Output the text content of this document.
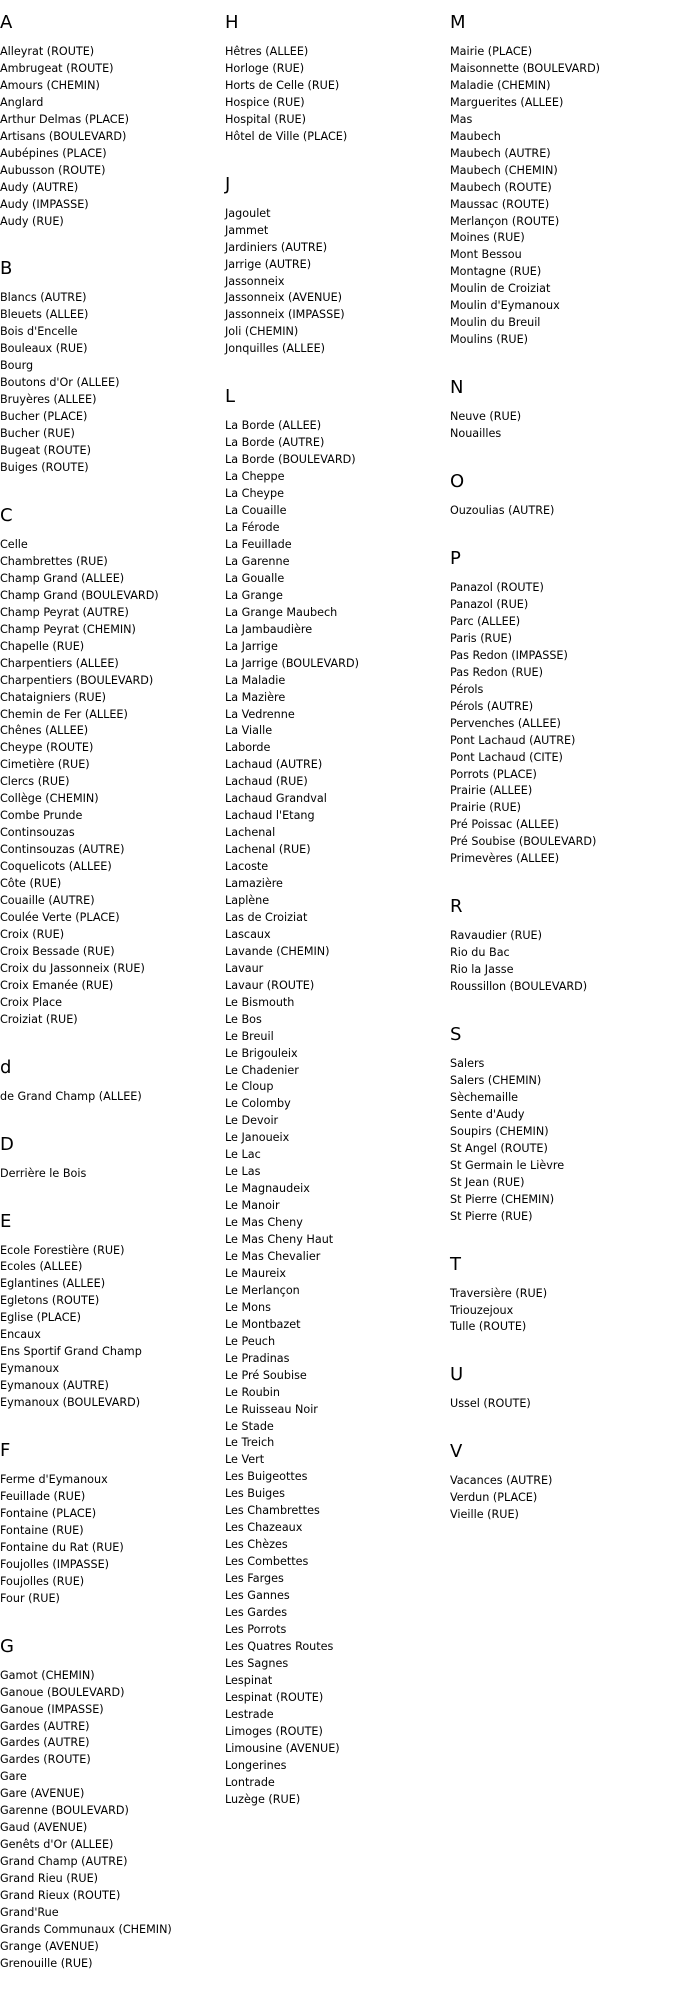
A
Alleyrat (ROUTE)
Ambrugeat (ROUTE)
Amours (CHEMIN)
Anglard
Arthur Delmas (PLACE)
Artisans (BOULEVARD)
Aubépines (PLACE)
Aubusson (ROUTE)
Audy (AUTRE)
Audy (IMPASSE)
Audy (RUE)
B
Blancs (AUTRE)
Bleuets (ALLEE)
Bois d'Encelle
Bouleaux (RUE)
Bourg
Boutons d'Or (ALLEE)
Bruyères (ALLEE)
Bucher (PLACE)
Bucher (RUE)
Bugeat (ROUTE)
Buiges (ROUTE)
C
Celle
Chambrettes (RUE)
Champ Grand (ALLEE)
Champ Grand (BOULEVARD)
Champ Peyrat (AUTRE)
Champ Peyrat (CHEMIN)
Chapelle (RUE)
Charpentiers (ALLEE)
Charpentiers (BOULEVARD)
Chataigniers (RUE)
Chemin de Fer (ALLEE)
Chênes (ALLEE)
Cheype (ROUTE)
Cimetière (RUE)
Clercs (RUE)
Collège (CHEMIN)
Combe Prunde
Continsouzas
Continsouzas (AUTRE)
Coquelicots (ALLEE)
Côte (RUE)
Couaille (AUTRE)
Coulée Verte (PLACE)
Croix (RUE)
Croix Bessade (RUE)
Croix du Jassonneix (RUE)
Croix Emanée (RUE)
Croix Place
Croiziat (RUE)
d
de Grand Champ (ALLEE)
D
Derrière le Bois
E
Ecole Forestière (RUE)
Ecoles (ALLEE)
Eglantines (ALLEE)
Egletons (ROUTE)
Eglise (PLACE)
Encaux
Ens Sportif Grand Champ
Eymanoux
Eymanoux (AUTRE)
Eymanoux (BOULEVARD)
F
Ferme d'Eymanoux
Feuillade (RUE)
Fontaine (PLACE)
Fontaine (RUE)
Fontaine du Rat (RUE)
Foujolles (IMPASSE)
Foujolles (RUE)
Four (RUE)
G
Gamot (CHEMIN)
Ganoue (BOULEVARD)
Ganoue (IMPASSE)
Gardes (AUTRE)
Gardes (AUTRE)
Gardes (ROUTE)
Gare
Gare (AVENUE)
Garenne (BOULEVARD)
Gaud (AVENUE)
Genêts d'Or (ALLEE)
Grand Champ (AUTRE)
Grand Rieu (RUE)
Grand Rieux (ROUTE)
Grand'Rue
Grands Communaux (CHEMIN)
Grange (AVENUE)
Grenouille (RUE)
H
Hêtres (ALLEE)
Horloge (RUE)
Horts de Celle (RUE)
Hospice (RUE)
Hospital (RUE)
Hôtel de Ville (PLACE)
J
Jagoulet
Jammet
Jardiniers (AUTRE)
Jarrige (AUTRE)
Jassonneix
Jassonneix (AVENUE)
Jassonneix (IMPASSE)
Joli (CHEMIN)
Jonquilles (ALLEE)
L
La Borde (ALLEE)
La Borde (AUTRE)
La Borde (BOULEVARD)
La Cheppe
La Cheype
La Couaille
La Férode
La Feuillade
La Garenne
La Goualle
La Grange
La Grange Maubech
La Jambaudière
La Jarrige
La Jarrige (BOULEVARD)
La Maladie
La Mazière
La Vedrenne
La Vialle
Laborde
Lachaud (AUTRE)
Lachaud (RUE)
Lachaud Grandval
Lachaud l'Etang
Lachenal
Lachenal (RUE)
Lacoste
Lamazière
Laplène
Las de Croiziat
Lascaux
Lavande (CHEMIN)
Lavaur
Lavaur (ROUTE)
Le Bismouth
Le Bos
Le Breuil
Le Brigouleix
Le Chadenier
Le Cloup
Le Colomby
Le Devoir
Le Janoueix
Le Lac
Le Las
Le Magnaudeix
Le Manoir
Le Mas Cheny
Le Mas Cheny Haut
Le Mas Chevalier
Le Maureix
Le Merlançon
Le Mons
Le Montbazet
Le Peuch
Le Pradinas
Le Pré Soubise
Le Roubin
Le Ruisseau Noir
Le Stade
Le Treich
Le Vert
Les Buigeottes
Les Buiges
Les Chambrettes
Les Chazeaux
Les Chèzes
Les Combettes
Les Farges
Les Gannes
Les Gardes
Les Porrots
Les Quatres Routes
Les Sagnes
Lespinat
Lespinat (ROUTE)
Lestrade
Limoges (ROUTE)
Limousine (AVENUE)
Longerines
Lontrade
Luzège (RUE)
M
Mairie (PLACE)
Maisonnette (BOULEVARD)
Maladie (CHEMIN)
Marguerites (ALLEE)
Mas
Maubech
Maubech (AUTRE)
Maubech (CHEMIN)
Maubech (ROUTE)
Maussac (ROUTE)
Merlançon (ROUTE)
Moines (RUE)
Mont Bessou
Montagne (RUE)
Moulin de Croiziat
Moulin d'Eymanoux
Moulin du Breuil
Moulins (RUE)
N
Neuve (RUE)
Nouailles
O
Ouzoulias (AUTRE)
P
Panazol (ROUTE)
Panazol (RUE)
Parc (ALLEE)
Paris (RUE)
Pas Redon (IMPASSE)
Pas Redon (RUE)
Pérols
Pérols (AUTRE)
Pervenches (ALLEE)
Pont Lachaud (AUTRE)
Pont Lachaud (CITE)
Porrots (PLACE)
Prairie (ALLEE)
Prairie (RUE)
Pré Poissac (ALLEE)
Pré Soubise (BOULEVARD)
Primevères (ALLEE)
R
Ravaudier (RUE)
Rio du Bac
Rio la Jasse
Roussillon (BOULEVARD)
S
Salers
Salers (CHEMIN)
Sèchemaille
Sente d'Audy
Soupirs (CHEMIN)
St Angel (ROUTE)
St Germain le Lièvre
St Jean (RUE)
St Pierre (CHEMIN)
St Pierre (RUE)
T
Traversière (RUE)
Triouzejoux
Tulle (ROUTE)
U
Ussel (ROUTE)
V
Vacances (AUTRE)
Verdun (PLACE)
Vieille (RUE)
